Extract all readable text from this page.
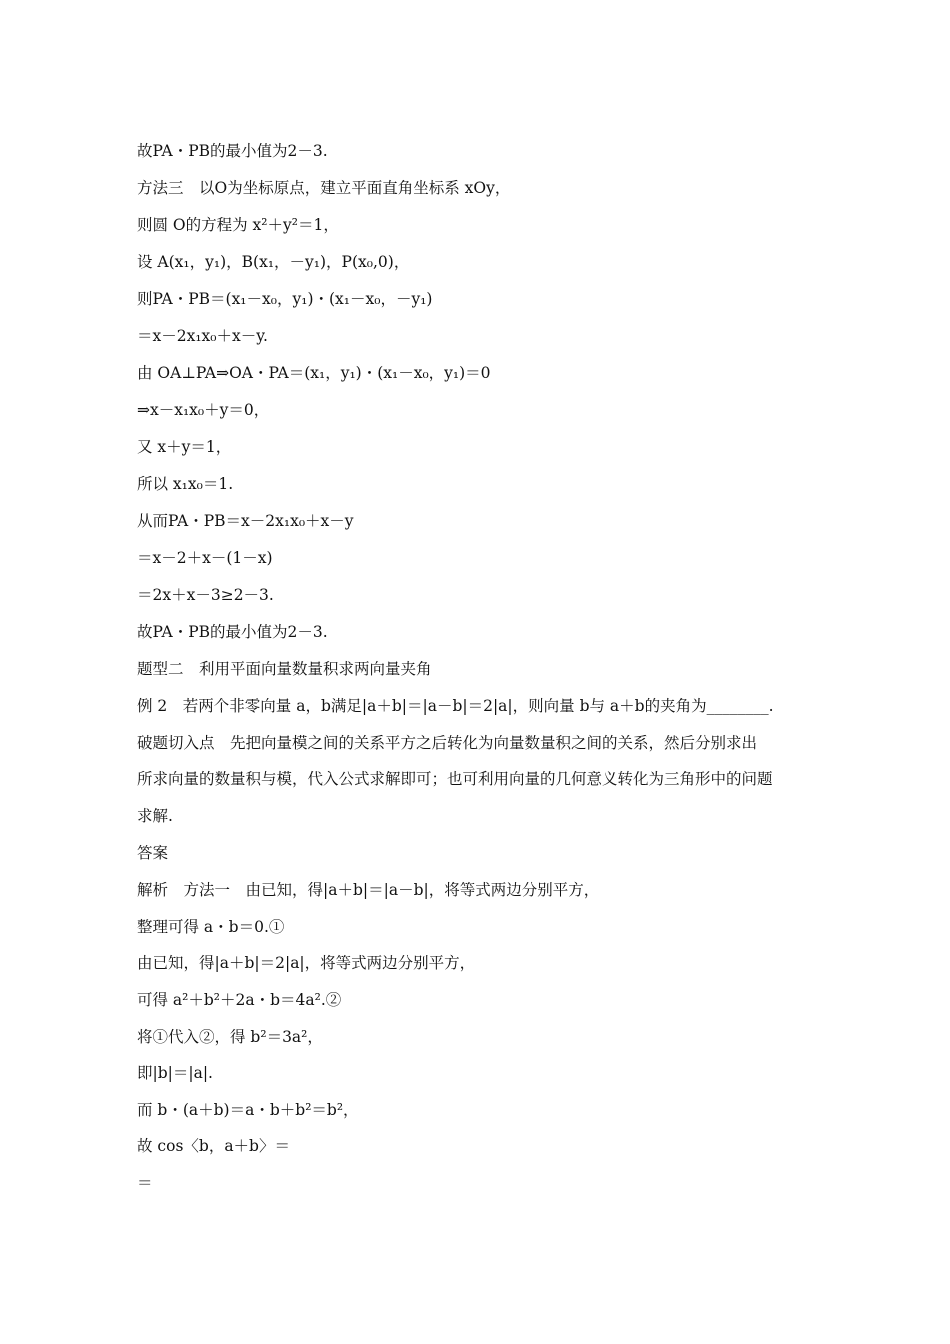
故PA・PB的最小值为2－3.
方法三　以O为坐标原点，建立平面直角坐标系 xOy，
则圆 O的方程为 x²＋y²＝1，
设 A(x₁，y₁)，B(x₁，－y₁)，P(x₀,0)，
则PA・PB＝(x₁－x₀，y₁)・(x₁－x₀，－y₁)
＝x－2x₁x₀＋x－y.
由 OA⊥PA⇒OA・PA＝(x₁，y₁)・(x₁－x₀，y₁)＝0
⇒x－x₁x₀＋y＝0，
又 x＋y＝1，
所以 x₁x₀＝1.
从而PA・PB＝x－2x₁x₀＋x－y
＝x－2＋x－(1－x)
＝2x＋x－3≥2－3.
故PA・PB的最小值为2－3.
题型二　利用平面向量数量积求两向量夹角
例 2　若两个非零向量 a，b满足|a＋b|＝|a－b|＝2|a|，则向量 b与 a＋b的夹角为________.
破题切入点　先把向量模之间的关系平方之后转化为向量数量积之间的关系，然后分别求出
所求向量的数量积与模，代入公式求解即可；也可利用向量的几何意义转化为三角形中的问题
求解.
答案
解析　方法一　由已知，得|a＋b|＝|a－b|，将等式两边分别平方，
整理可得 a・b＝0.①
由已知，得|a＋b|＝2|a|，将等式两边分别平方，
可得 a²＋b²＋2a・b＝4a².②
将①代入②，得 b²＝3a²，
即|b|＝|a|.
而 b・(a＋b)＝a・b＋b²＝b²，
故 cos〈b，a＋b〉＝
＝
